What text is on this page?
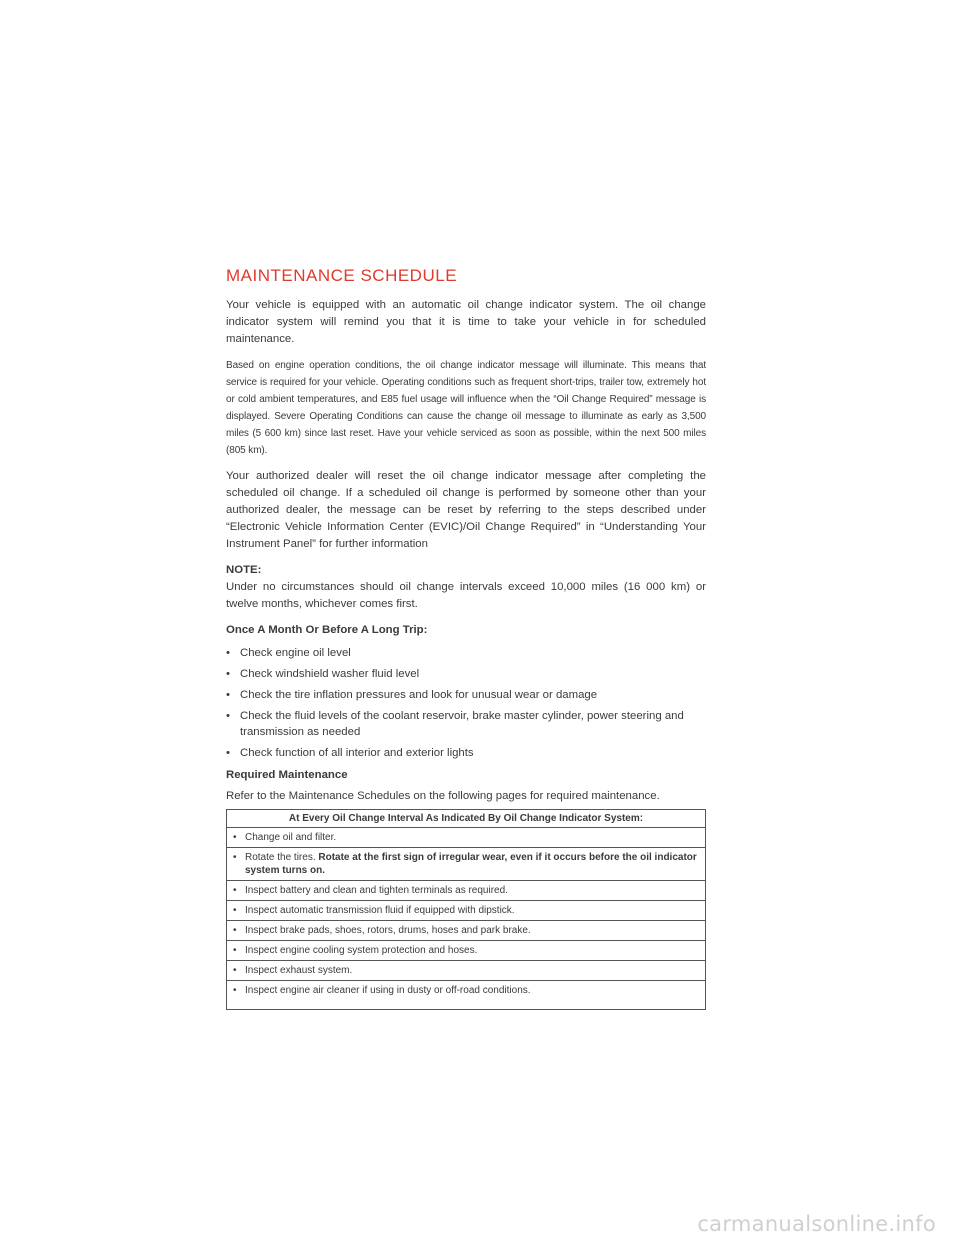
MAINTENANCE SCHEDULE

Your vehicle is equipped with an automatic oil change indicator system. The oil change indicator system will remind you that it is time to take your vehicle in for scheduled maintenance.

Based on engine operation conditions, the oil change indicator message will illuminate. This means that service is required for your vehicle. Operating conditions such as frequent short-trips, trailer tow, extremely hot or cold ambient temperatures, and E85 fuel usage will influence when the “Oil Change Required” message is displayed. Severe Operating Conditions can cause the change oil message to illuminate as early as 3,500 miles (5 600 km) since last reset. Have your vehicle serviced as soon as possible, within the next 500 miles (805 km).

Your authorized dealer will reset the oil change indicator message after completing the scheduled oil change. If a scheduled oil change is performed by someone other than your authorized dealer, the message can be reset by referring to the steps described under “Electronic Vehicle Information Center (EVIC)/Oil Change Required” in “Understanding Your Instrument Panel” for further information

NOTE:
Under no circumstances should oil change intervals exceed 10,000 miles (16 000 km) or twelve months, whichever comes first.
Once A Month Or Before A Long Trip:
• Check engine oil level
• Check windshield washer fluid level
• Check the tire inflation pressures and look for unusual wear or damage
• Check the fluid levels of the coolant reservoir, brake master cylinder, power steering and transmission as needed
• Check function of all interior and exterior lights
Required Maintenance

Refer to the Maintenance Schedules on the following pages for required maintenance.

At Every Oil Change Interval As Indicated By Oil Change Indicator System:
• Change oil and filter.
• Rotate the tires. Rotate at the first sign of irregular wear, even if it occurs before the oil indicator system turns on.
• Inspect battery and clean and tighten terminals as required.
• Inspect automatic transmission fluid if equipped with dipstick.
• Inspect brake pads, shoes, rotors, drums, hoses and park brake.
• Inspect engine cooling system protection and hoses.
• Inspect exhaust system.
• Inspect engine air cleaner if using in dusty or off-road conditions.
carmanualsonline.info
